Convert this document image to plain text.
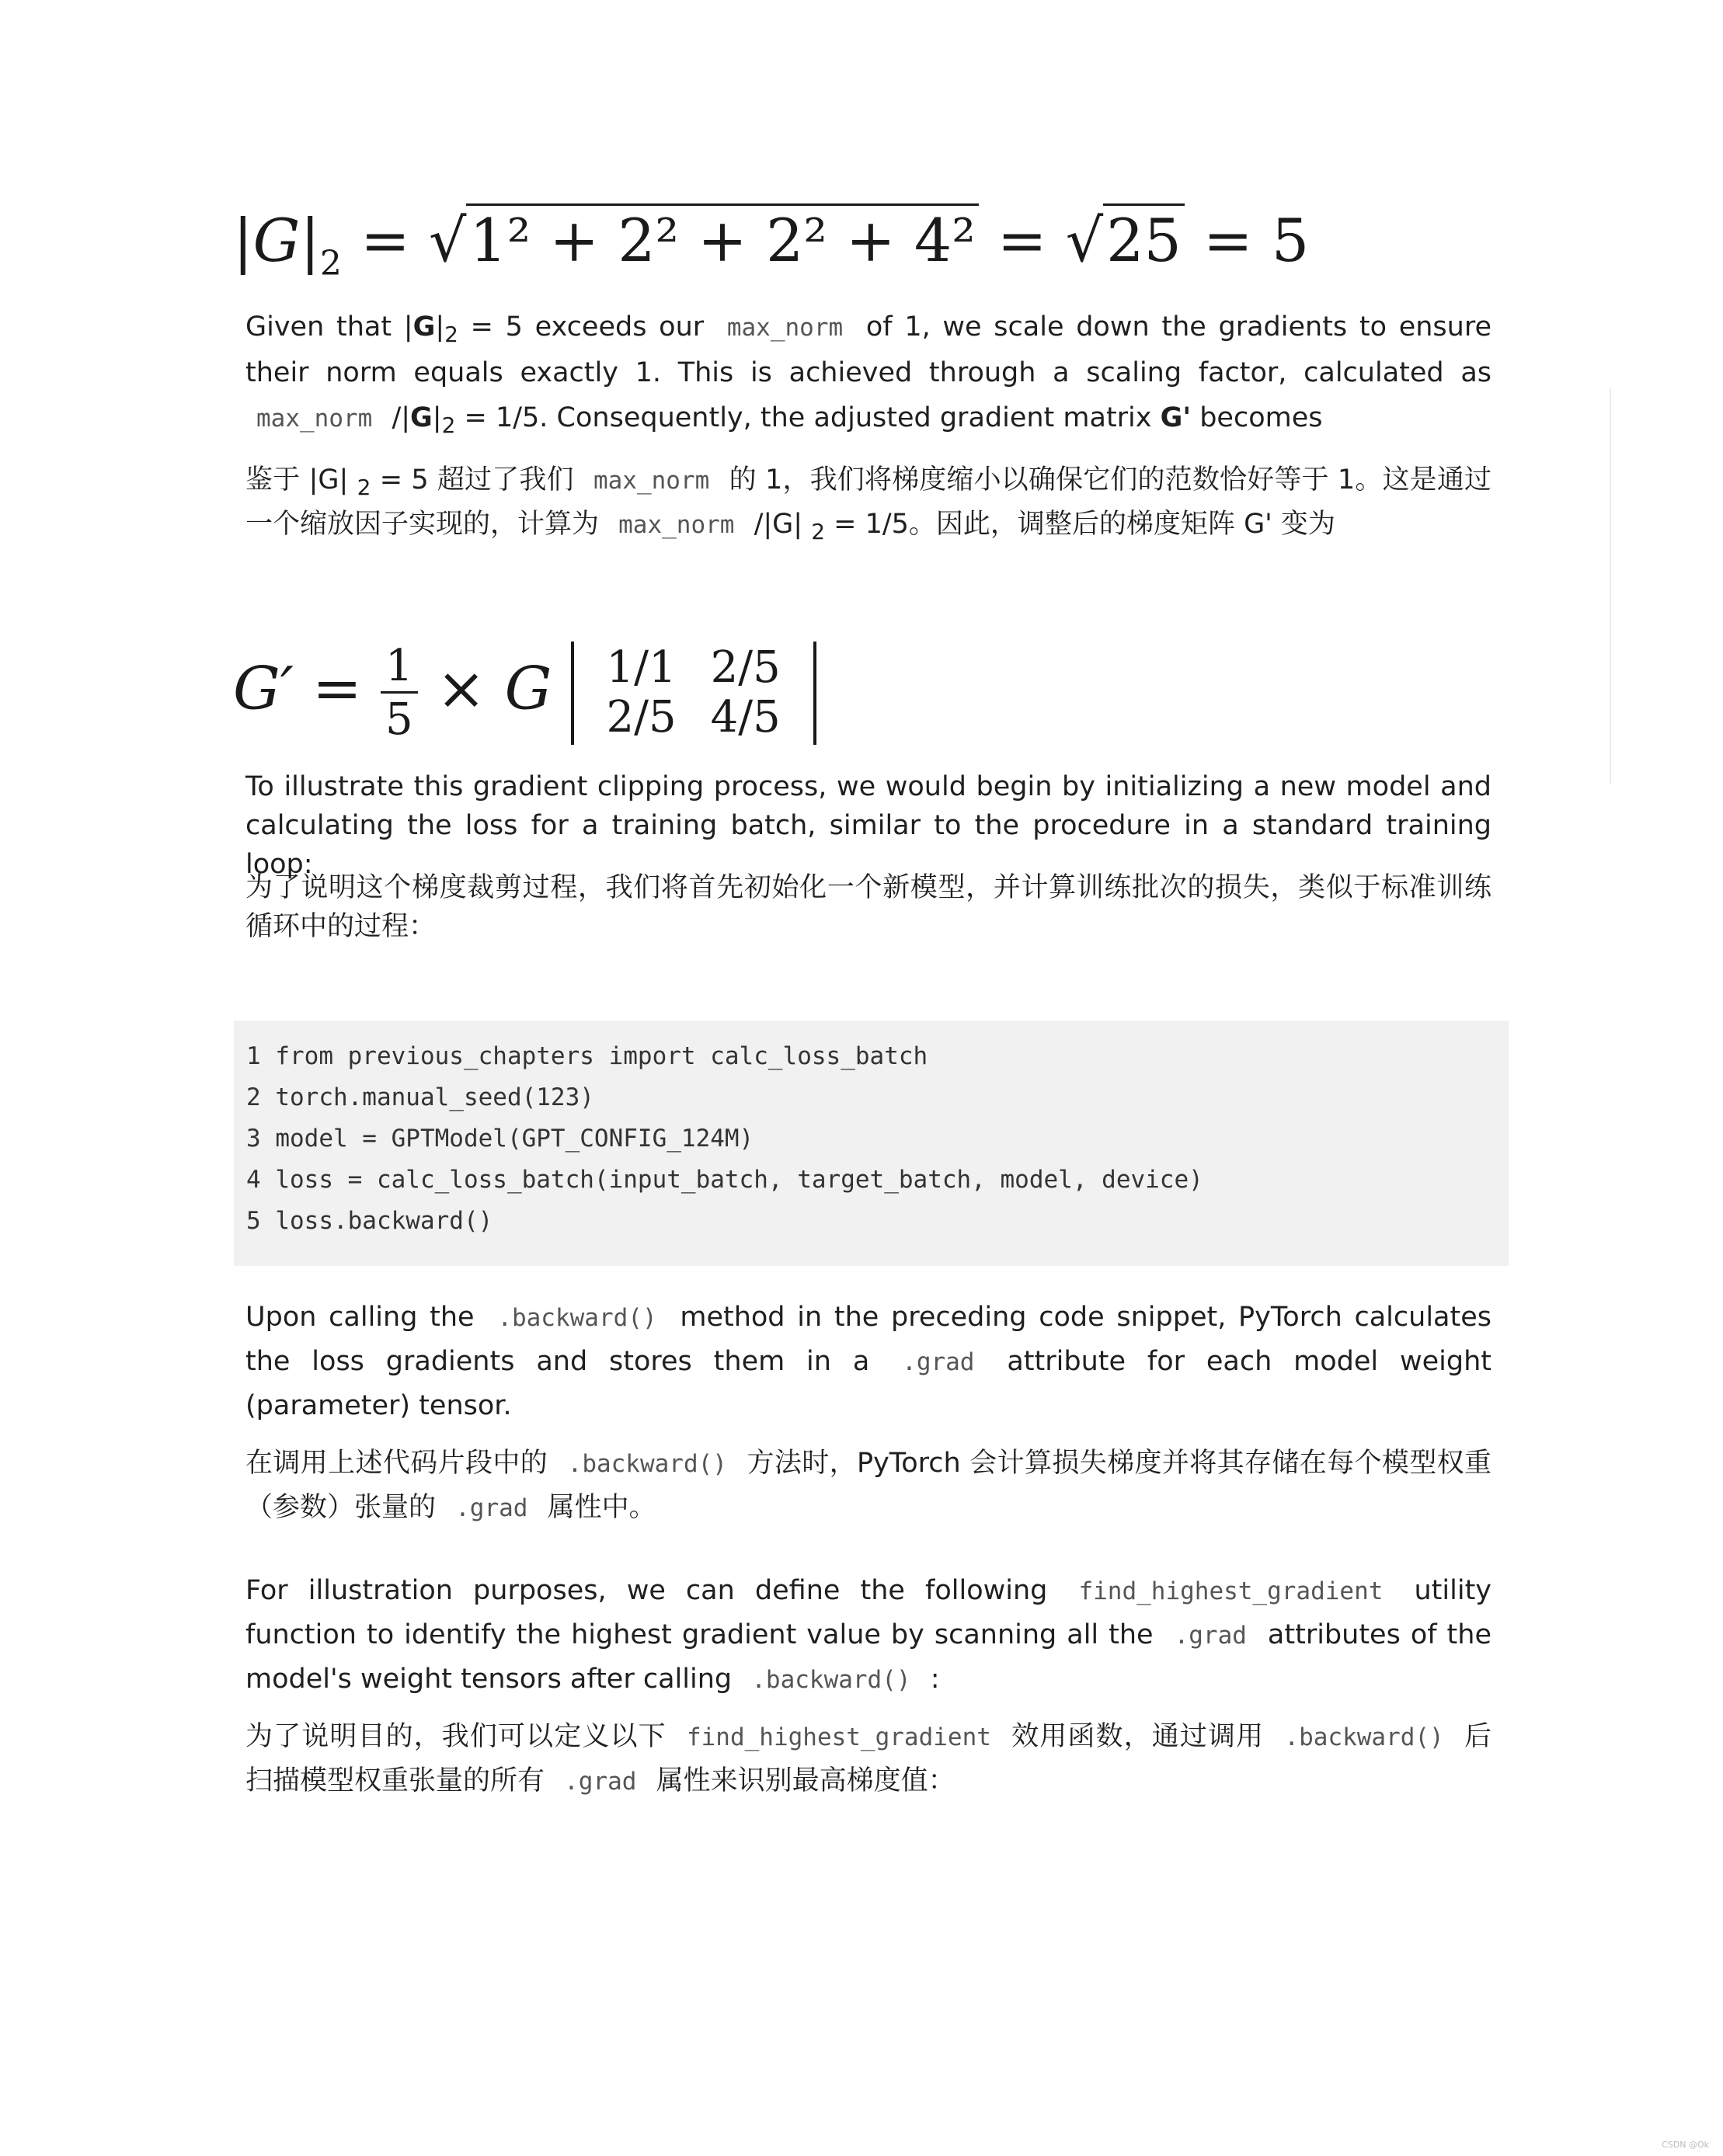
$|G|_2 = √1^2 + 2^2 + 2^2 + 4^2 = √25 = 5$
Given that $|G|_2 = 5$ exceeds our max_norm of 1, we scale down the gradients to ensure their norm equals exactly 1. This is achieved through a scaling factor, calculated as max_norm $/|G|_2 = 1/5$. Consequently, the adjusted gradient matrix G' becomes
鉴于 |G| $_2$ = 5 超过了我们 max_norm 的 1，我们将梯度缩小以确保它们的范数恰好等于 1。这是通过一个缩放因子实现的，计算为 max_norm /|G| $_2$ = 1/5。因此，调整后的梯度矩阵 G' 变为
$G' = \frac{1}{5} \times G$ 1/1	2/5
2/5	4/5
To illustrate this gradient clipping process, we would begin by initializing a new model and calculating the loss for a training batch, similar to the procedure in a standard training loop:
为了说明这个梯度裁剪过程，我们将首先初始化一个新模型，并计算训练批次的损失，类似于标准训练循环中的过程：
1 from previous_chapters import calc_loss_batch
2 torch.manual_seed(123)
3 model = GPTModel(GPT_CONFIG_124M)
4 loss = calc_loss_batch(input_batch, target_batch, model, device)
5 loss.backward()
Upon calling the .backward() method in the preceding code snippet, PyTorch calculates the loss gradients and stores them in a .grad attribute for each model weight (parameter) tensor.
在调用上述代码片段中的 .backward() 方法时，PyTorch 会计算损失梯度并将其存储在每个模型权重（参数）张量的 .grad 属性中。
For illustration purposes, we can define the following find_highest_gradient utility function to identify the highest gradient value by scanning all the .grad attributes of the model's weight tensors after calling .backward() :
为了说明目的，我们可以定义以下 find_highest_gradient 效用函数，通过调用 .backward() 后扫描模型权重张量的所有 .grad 属性来识别最高梯度值：
CSDN @Ok
